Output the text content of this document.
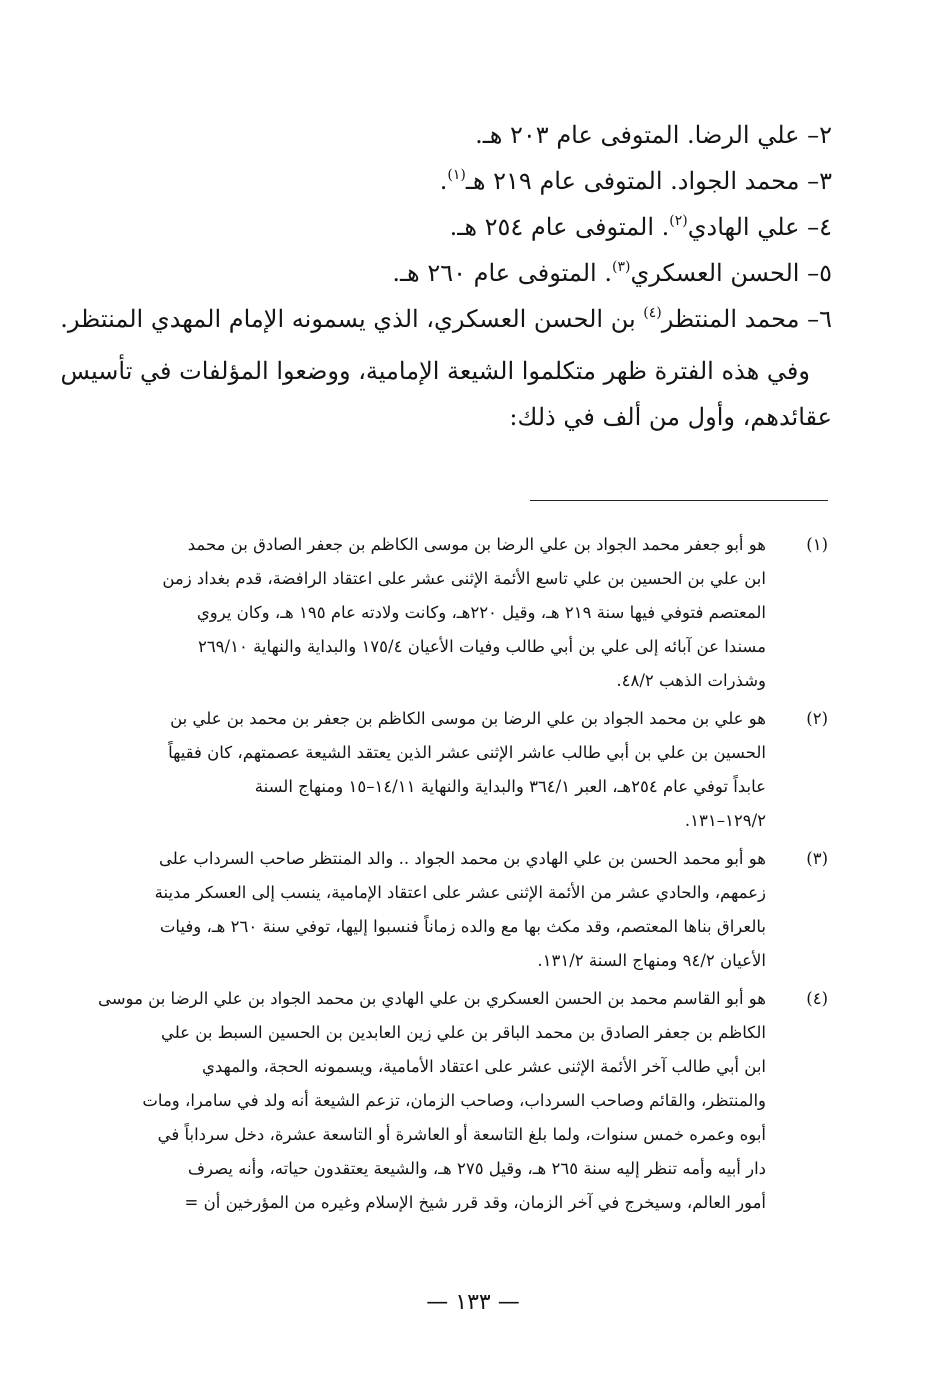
٢– علي الرضا. المتوفى عام ٢٠٣ هـ.
٣– محمد الجواد. المتوفى عام ٢١٩ هـ$^{(١)}$.
٤– علي الهادي$^{(٢)}$. المتوفى عام ٢٥٤ هـ.
٥– الحسن العسكري$^{(٣)}$. المتوفى عام ٢٦٠ هـ.
٦– محمد المنتظر$^{(٤)}$ بن الحسن العسكري، الذي يسمونه الإمام المهدي المنتظر.
وفي هذه الفترة ظهر متكلموا الشيعة الإمامية، ووضعوا المؤلفات في تأسيس
عقائدهم، وأول من ألف في ذلك:
(١)
هو أبو جعفر محمد الجواد بن علي الرضا بن موسى الكاظم بن جعفر الصادق بن محمد
ابن علي بن الحسين بن علي تاسع الأئمة الإثنى عشر على اعتقاد الرافضة، قدم بغداد زمن
المعتصم فتوفي فيها سنة ٢١٩ هـ، وقيل ٢٢٠هـ، وكانت ولادته عام ١٩٥ هـ، وكان يروي
مسندا عن آبائه إلى علي بن أبي طالب وفيات الأعيان ١٧٥/٤ والبداية والنهاية ٢٦٩/١٠
وشذرات الذهب ٤٨/٢.
(٢)
هو علي بن محمد الجواد بن علي الرضا بن موسى الكاظم بن جعفر بن محمد بن علي بن
الحسين بن علي بن أبي طالب عاشر الإثنى عشر الذين يعتقد الشيعة عصمتهم، كان فقيهاً
عابداً توفي عام ٢٥٤هـ، العبر ٣٦٤/١ والبداية والنهاية ١٤/١١–١٥ ومنهاج السنة
١٢٩/٢–١٣١.
(٣)
هو أبو محمد الحسن بن علي الهادي بن محمد الجواد .. والد المنتظر صاحب السرداب على
زعمهم، والحادي عشر من الأئمة الإثنى عشر على اعتقاد الإمامية، ينسب إلى العسكر مدينة
بالعراق بناها المعتصم، وقد مكث بها مع والده زماناً فنسبوا إليها، توفي سنة ٢٦٠ هـ، وفيات
الأعيان ٩٤/٢ ومنهاج السنة ١٣١/٢.
(٤)
هو أبو القاسم محمد بن الحسن العسكري بن علي الهادي بن محمد الجواد بن علي الرضا بن موسى
الكاظم بن جعفر الصادق بن محمد الباقر بن علي زين العابدين بن الحسين السبط بن علي
ابن أبي طالب آخر الأئمة الإثنى عشر على اعتقاد الأمامية، ويسمونه الحجة، والمهدي
والمنتظر، والقائم وصاحب السرداب، وصاحب الزمان، تزعم الشيعة أنه ولد في سامرا، ومات
أبوه وعمره خمس سنوات، ولما بلغ التاسعة أو العاشرة أو التاسعة عشرة، دخل سرداباً في
دار أبيه وأمه تنظر إليه سنة ٢٦٥ هـ، وقيل ٢٧٥ هـ، والشيعة يعتقدون حياته، وأنه يصرف
أمور العالم، وسيخرج في آخر الزمان، وقد قرر شيخ الإسلام وغيره من المؤرخين أن =
— ١٣٣ —
